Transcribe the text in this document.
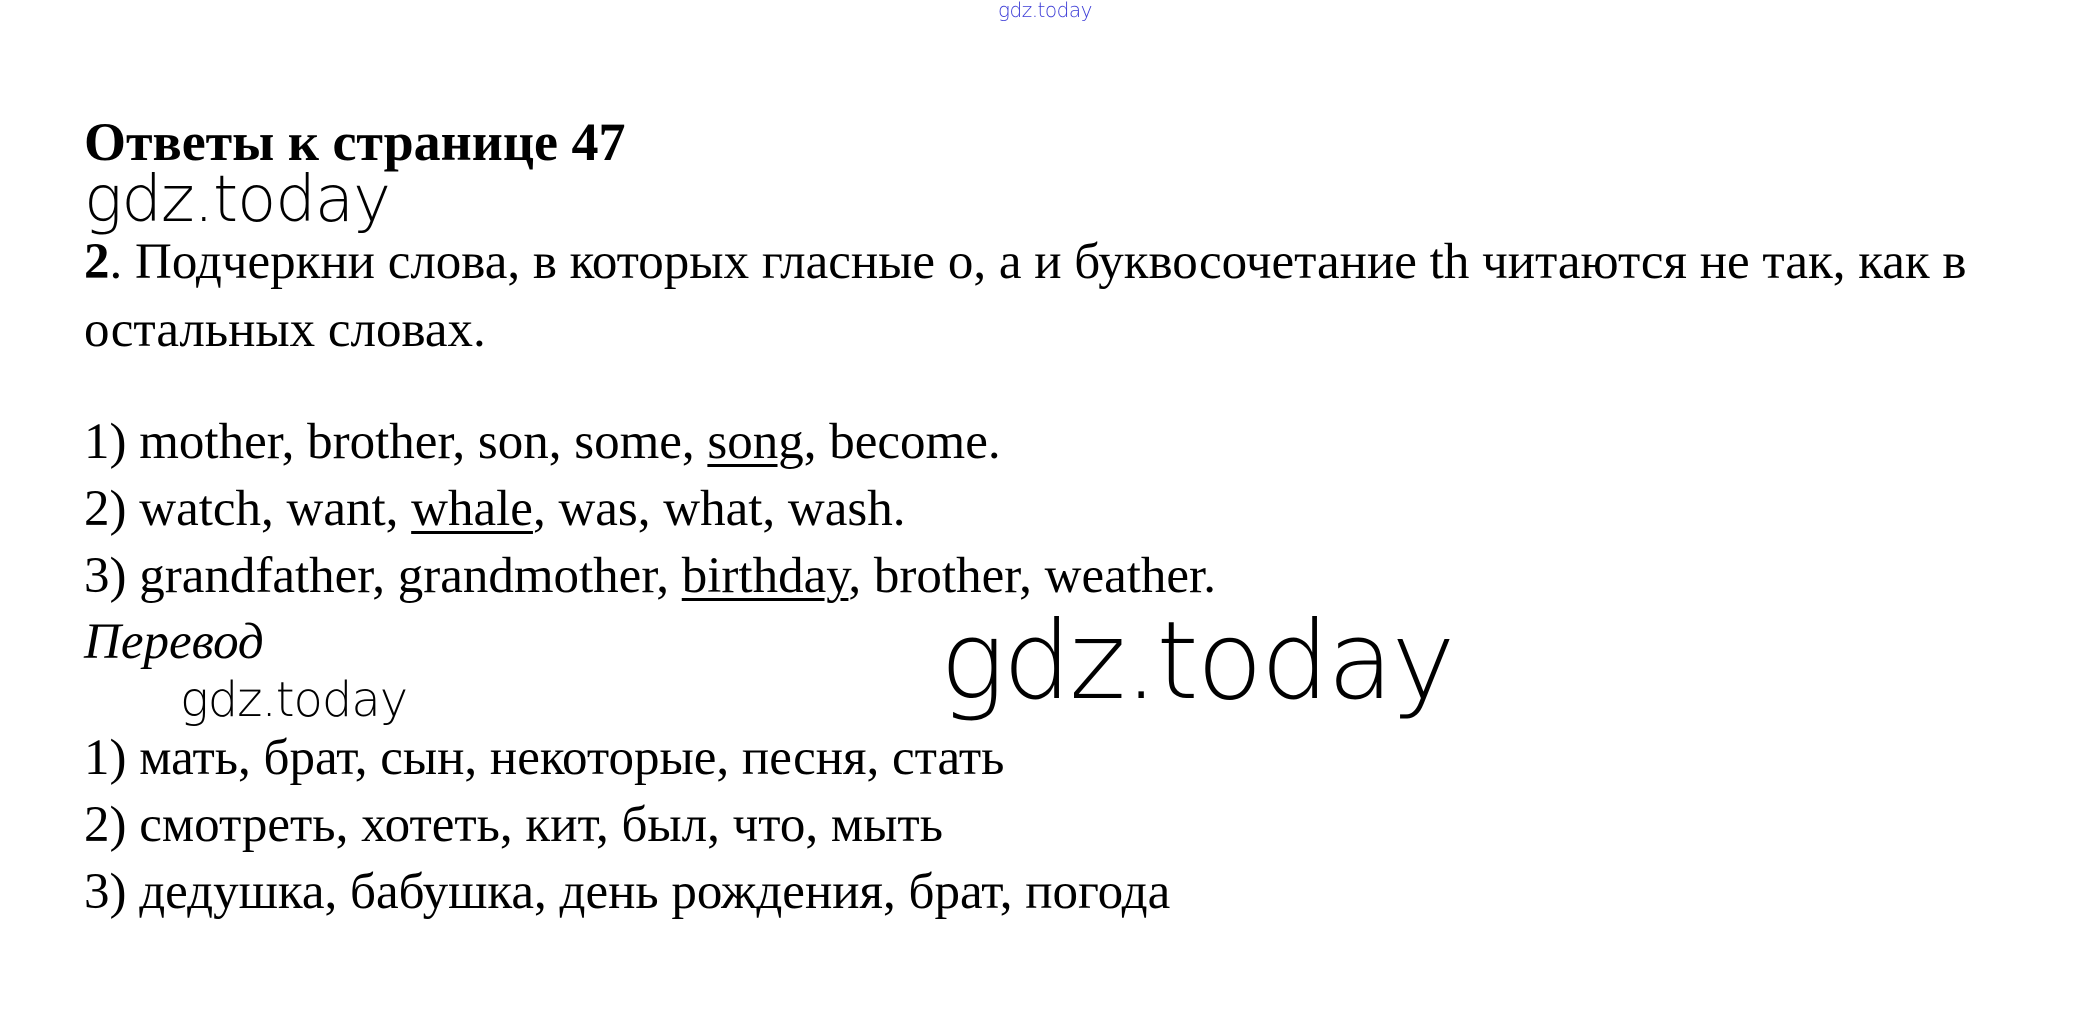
gdz.today
Ответы к странице 47
gdz.today
2. Подчеркни слова, в которых гласные о, а и буквосочетание th читаются не так, как в остальных словах.
1) mother, brother, son, some, song, become.
2) watch, want, whale, was, what, wash.
3) grandfather, grandmother, birthday, brother, weather.
Перевод	gdz.today
gdz.today
1) мать, брат, сын, некоторые, песня, стать
2) смотреть, хотеть, кит, был, что, мыть
3) дедушка, бабушка, день рождения, брат, погода
